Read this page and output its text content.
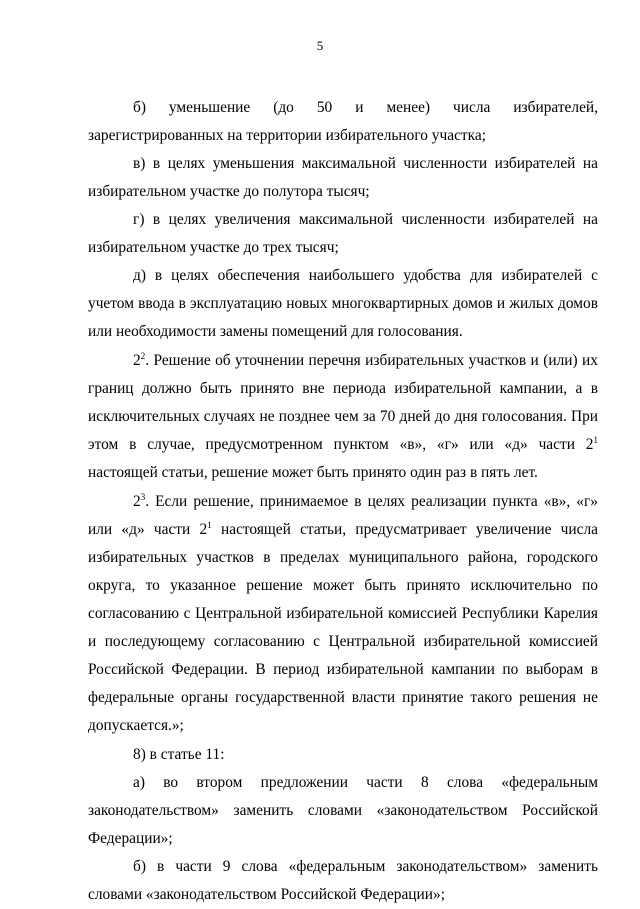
5

б) уменьшение (до 50 и менее) числа избирателей, зарегистрированных на территории избирательного участка;

в) в целях уменьшения максимальной численности избирателей на избирательном участке до полутора тысяч;

г) в целях увеличения максимальной численности избирателей на избирательном участке до трех тысяч;

д) в целях обеспечения наибольшего удобства для избирателей с учетом ввода в эксплуатацию новых многоквартирных домов и жилых домов или необходимости замены помещений для голосования.

$2^2$. Решение об уточнении перечня избирательных участков и (или) их границ должно быть принято вне периода избирательной кампании, а в исключительных случаях не позднее чем за 70 дней до дня голосования. При этом в случае, предусмотренном пунктом «в», «г» или «д» части $2^1$ настоящей статьи, решение может быть принято один раз в пять лет.

$2^3$. Если решение, принимаемое в целях реализации пункта «в», «г» или «д» части $2^1$ настоящей статьи, предусматривает увеличение числа избирательных участков в пределах муниципального района, городского округа, то указанное решение может быть принято исключительно по согласованию с Центральной избирательной комиссией Республики Карелия и последующему согласованию с Центральной избирательной комиссией Российской Федерации. В период избирательной кампании по выборам в федеральные органы государственной власти принятие такого решения не допускается.»;

8) в статье 11:

а) во втором предложении части 8 слова «федеральным законодательством» заменить словами «законодательством Российской Федерации»;

б) в части 9 слова «федеральным законодательством» заменить словами «законодательством Российской Федерации»;
